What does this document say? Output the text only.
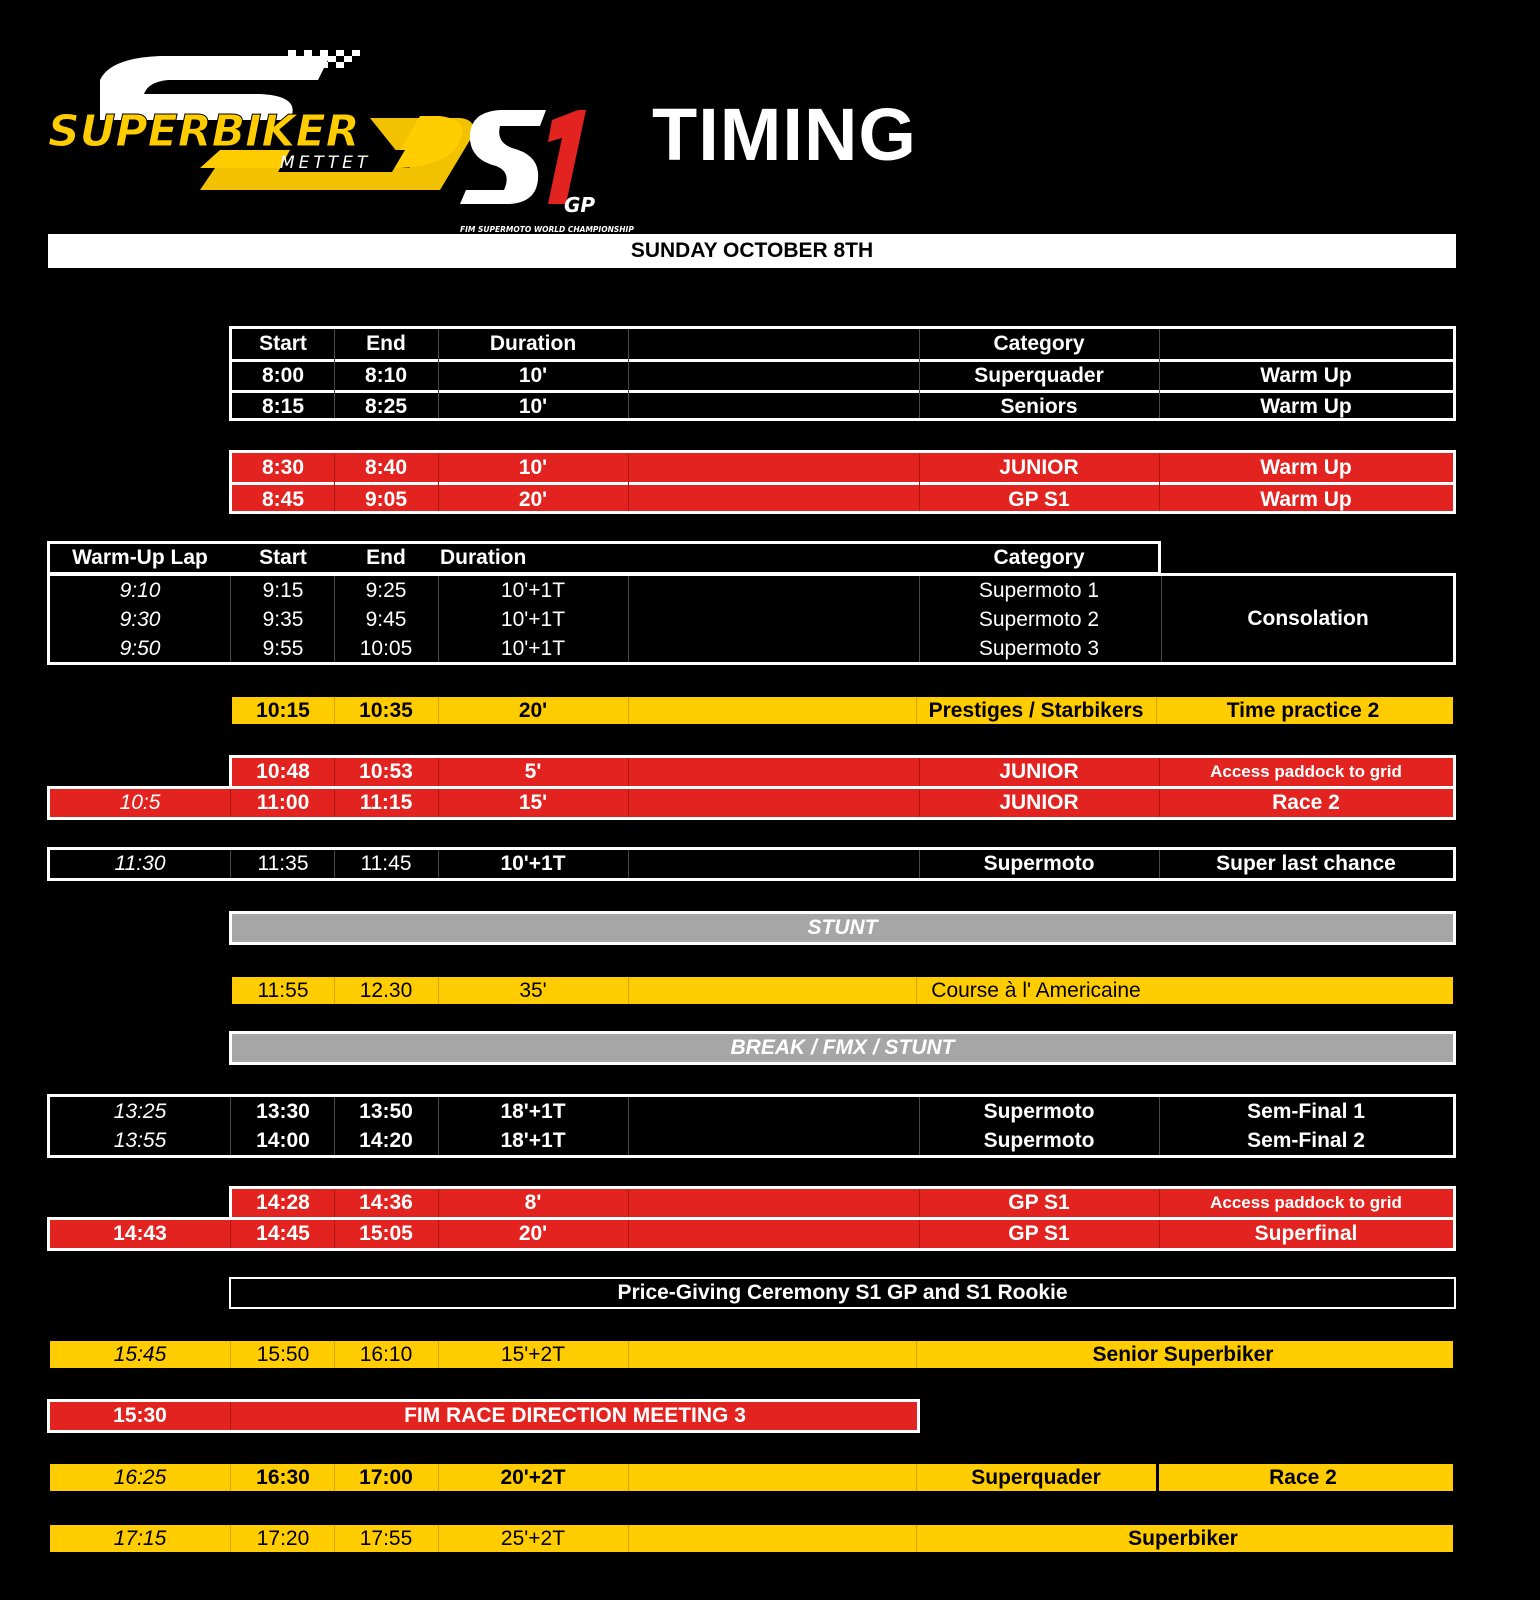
SUPERBIKER
METTET
GP
FIM SUPERMOTO WORLD CHAMPIONSHIP
TIMING
SUNDAY OCTOBER 8TH
Start	End	Duration	Category
8:00	8:10	10'	Superquader	Warm Up
8:15	8:25	10'	Seniors	Warm Up
8:30	8:40	10'	JUNIOR	Warm Up
8:45	9:05	20'	GP S1	Warm Up
Warm-Up Lap	Start	End	Duration	Category
9:10	9:15	9:25	10'+1T	Supermoto 1
9:30	9:35	9:45	10'+1T	Supermoto 2
9:50	9:55	10:05	10'+1T	Supermoto 3
Consolation
10:15	10:35	20'	Prestiges / Starbikers	Time practice 2
10:48	10:53	5'	JUNIOR	Access paddock to grid
10:5	11:00	11:15	15'	JUNIOR	Race 2
11:30	11:35	11:45	10'+1T	Supermoto	Super last chance
STUNT
11:55	12.30	35'	Course à l' Americaine
BREAK / FMX / STUNT
13:25	13:30	13:50	18'+1T	Supermoto	Sem-Final 1
13:55	14:00	14:20	18'+1T	Supermoto	Sem-Final 2
14:28	14:36	8'	GP S1	Access paddock to grid
14:43	14:45	15:05	20'	GP S1	Superfinal
Price-Giving Ceremony S1 GP and S1 Rookie
15:45	15:50	16:10	15'+2T	Senior Superbiker
15:30	FIM RACE DIRECTION MEETING 3
16:25	16:30	17:00	20'+2T	Superquader	Race 2
17:15	17:20	17:55	25'+2T	Superbiker
